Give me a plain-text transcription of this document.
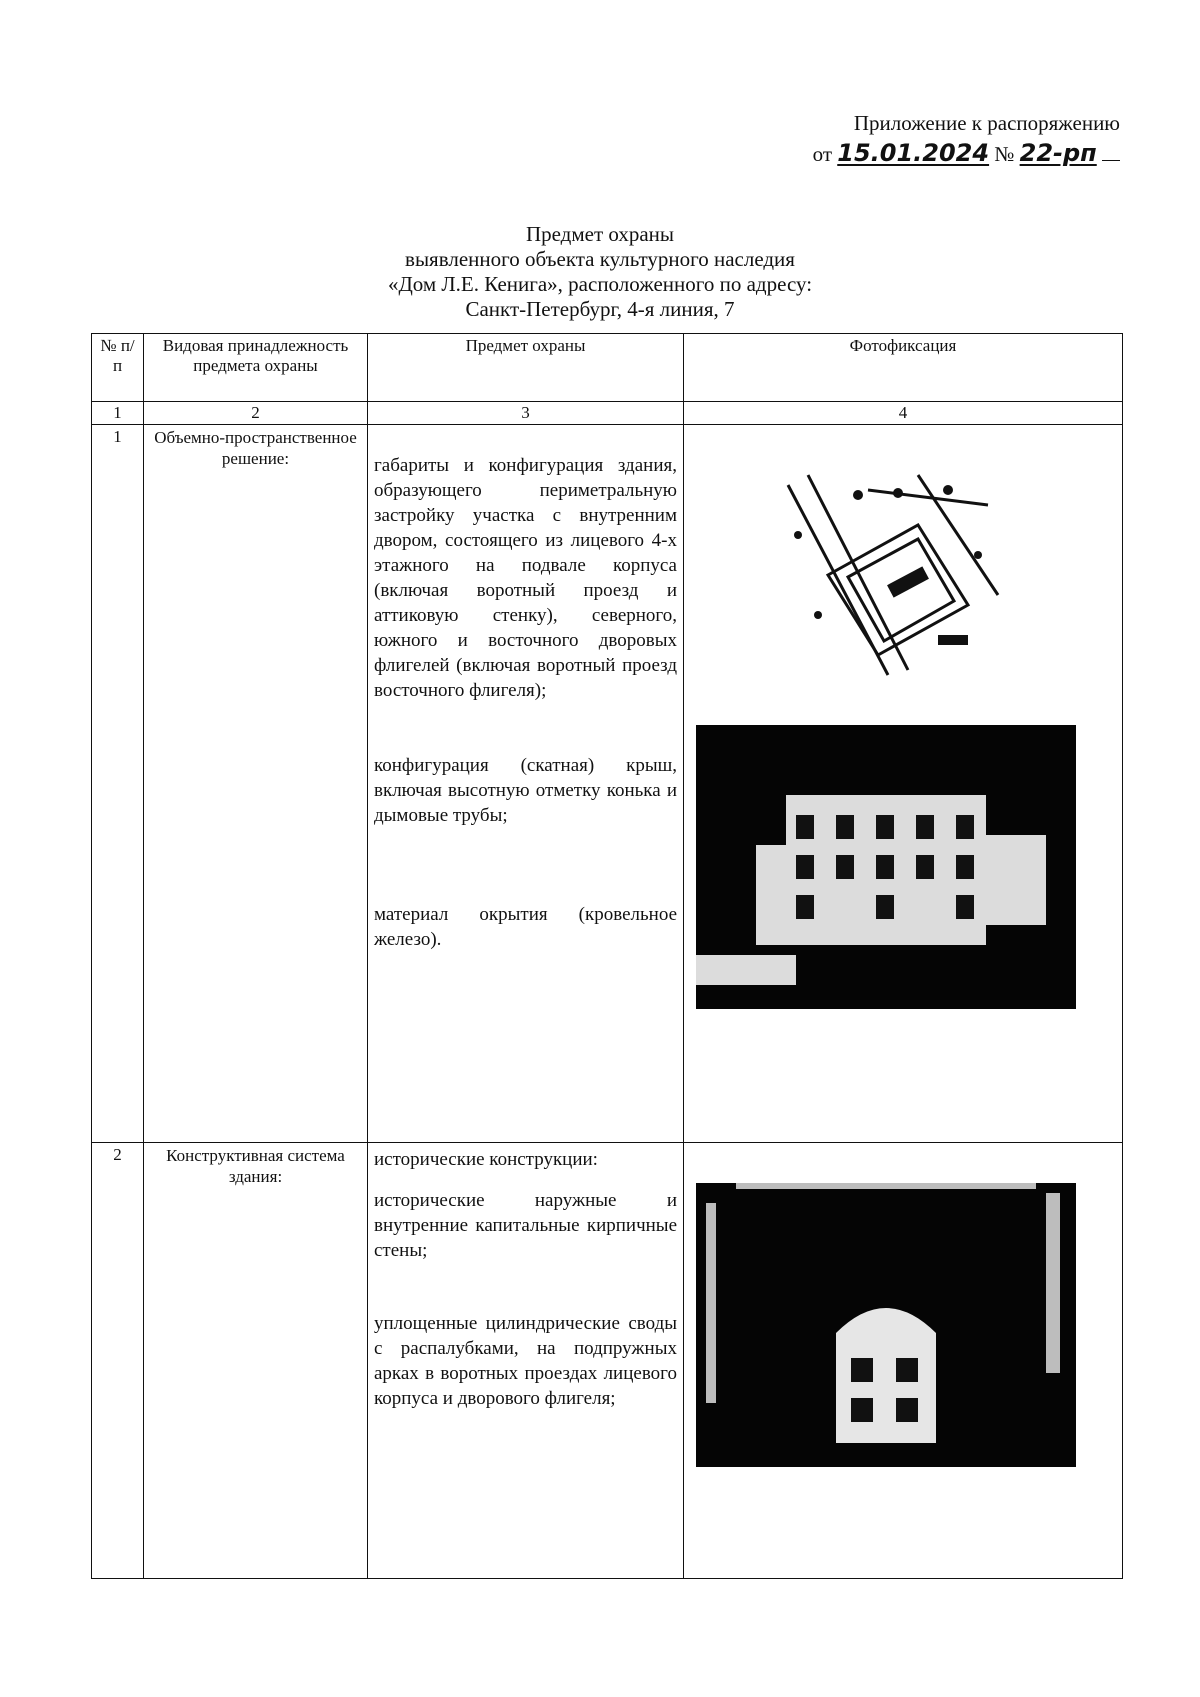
Приложение к распоряжению
от 15.01.2024 № 22-рп
Предмет охраны
выявленного объекта культурного наследия
«Дом Л.Е. Кенига», расположенного по адресу:
Санкт-Петербург, 4-я линия, 7
№ п/п	Видовая принадлежность предмета охраны	Предмет охраны	Фотофиксация
1	2	3	4
1	Объемно-пространственное решение:	габариты и конфигурация здания, образующего периметральную застройку участка с внутренним двором, состоящего из лицевого 4-х этажного на подвале корпуса (включая воротный проезд и аттиковую стенку), северного, южного и восточного дворовых флигелей (включая воротный проезд восточного флигеля);

конфигурация (скатная) крыш, включая высотную отметку конька и дымовые трубы;

материал окрытия (кровельное железо).

2	Конструктивная система здания:	исторические конструкции:

исторические наружные и внутренние капитальные кирпичные стены;

уплощенные цилиндрические своды с распалубками, на подпружных арках в воротных проездах лицевого корпуса и дворового флигеля;
